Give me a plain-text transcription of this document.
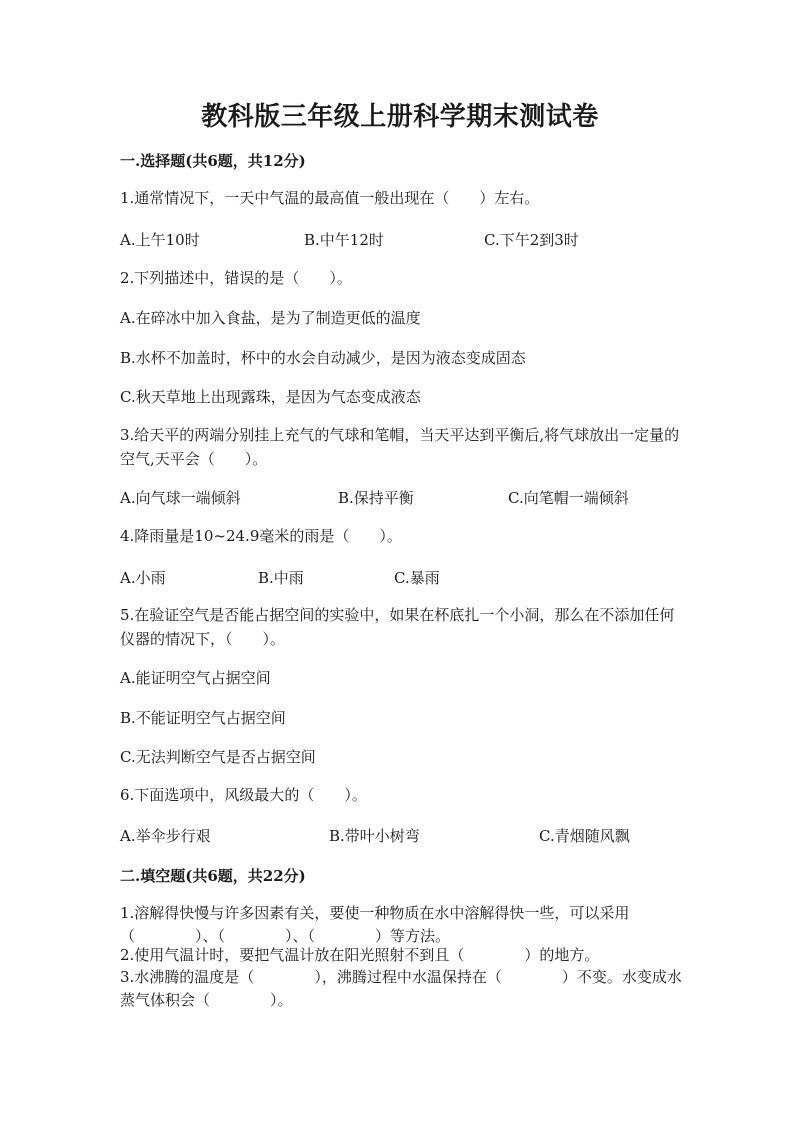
教科版三年级上册科学期末测试卷
一.选择题(共6题，共12分)
1.通常情况下，一天中气温的最高值一般出现在（　　）左右。
A.上午10时	B.中午12时	C.下午2到3时
2.下列描述中，错误的是（　　）。
A.在碎冰中加入食盐，是为了制造更低的温度
B.水杯不加盖时，杯中的水会自动减少，是因为液态变成固态
C.秋天草地上出现露珠，是因为气态变成液态
3.给天平的两端分别挂上充气的气球和笔帽，当天平达到平衡后,将气球放出一定量的空气,天平会（　　）。
A.向气球一端倾斜	B.保持平衡	C.向笔帽一端倾斜
4.降雨量是10~24.9毫米的雨是（　　）。
A.小雨	B.中雨	C.暴雨
5.在验证空气是否能占据空间的实验中，如果在杯底扎一个小洞，那么在不添加任何仪器的情况下，（　　）。
A.能证明空气占据空间
B.不能证明空气占据空间
C.无法判断空气是否占据空间
6.下面选项中，风级最大的（　　）。
A.举伞步行艰	B.带叶小树弯	C.青烟随风飘
二.填空题(共6题，共22分)
1.溶解得快慢与许多因素有关，要使一种物质在水中溶解得快一些，可以采用（　　　　）、（　　　　）、（　　　　）等方法。
2.使用气温计时，要把气温计放在阳光照射不到且（　　　　）的地方。
3.水沸腾的温度是（　　　　），沸腾过程中水温保持在（　　　　）不变。水变成水蒸气体积会（　　　　）。
